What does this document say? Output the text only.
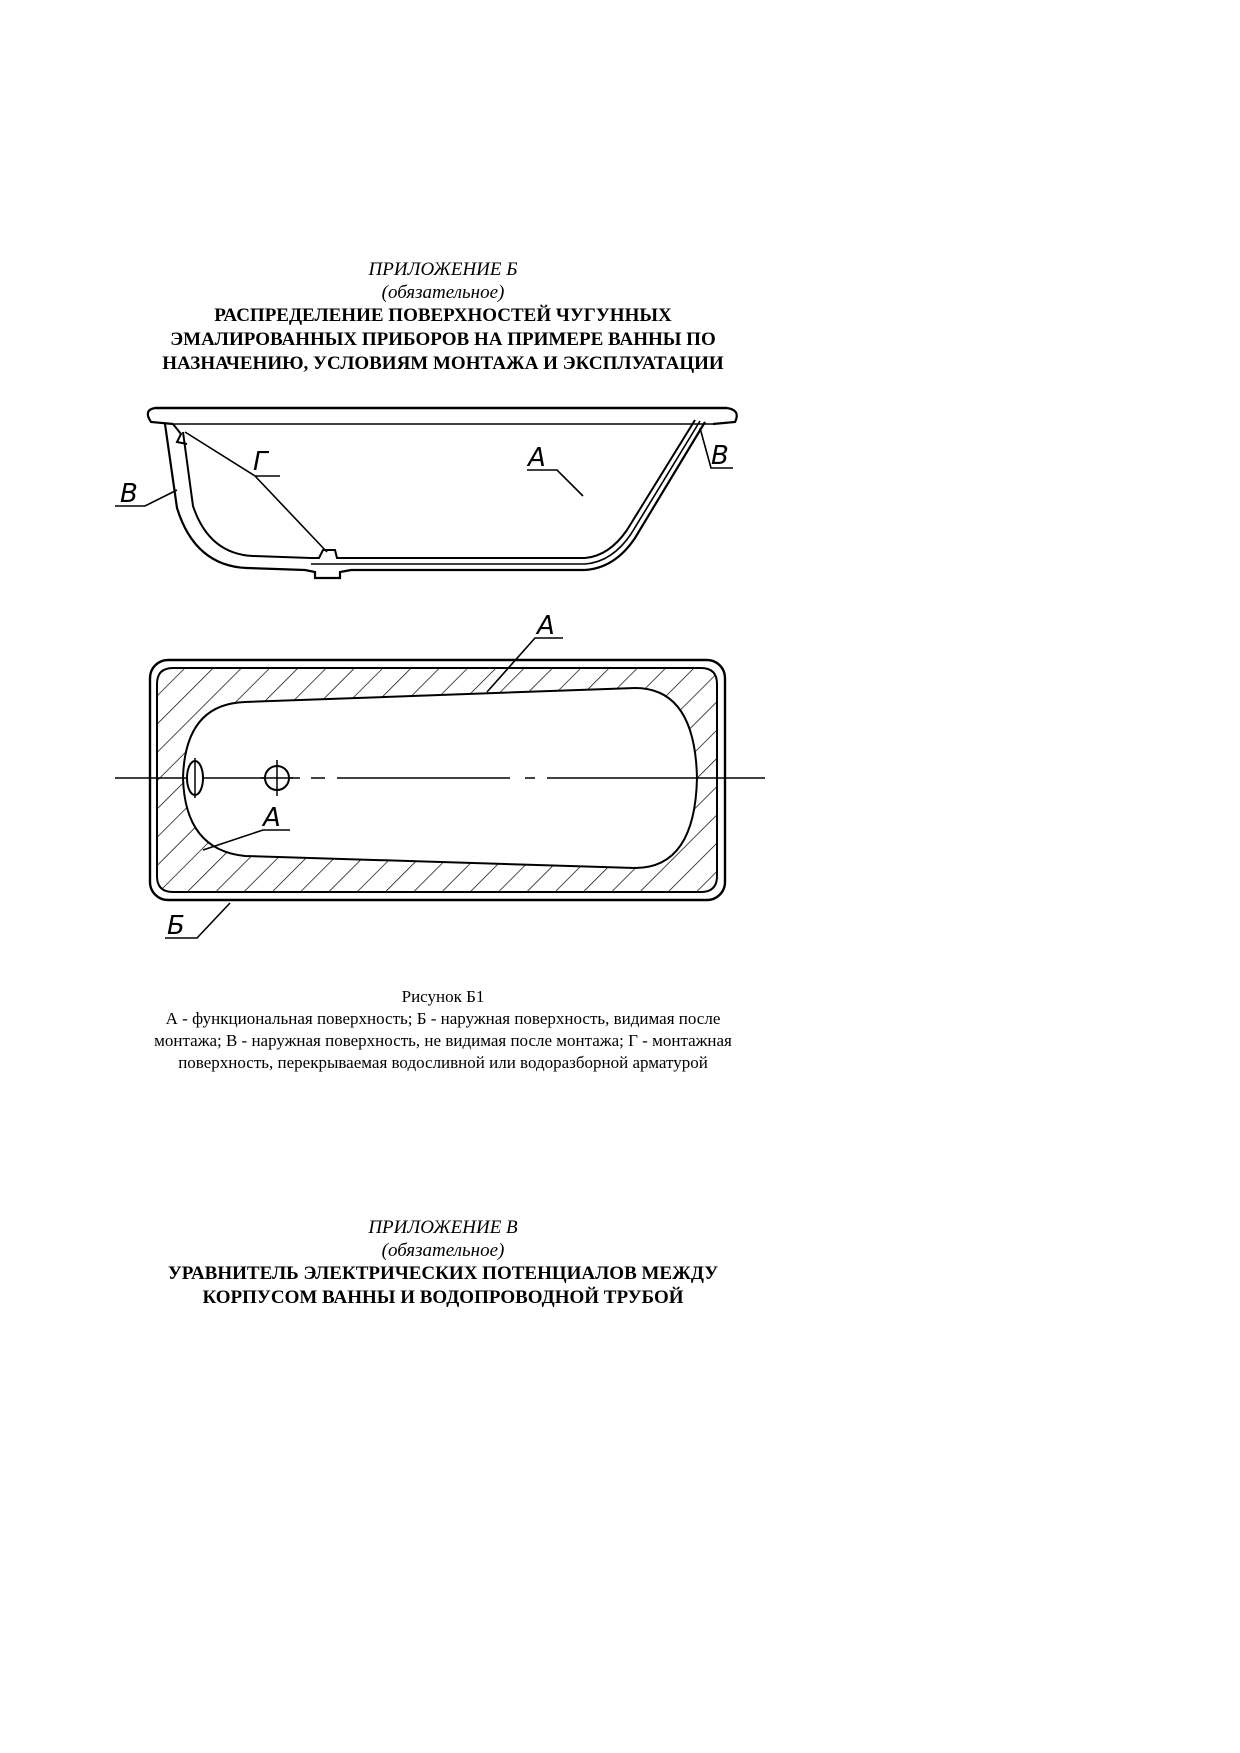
ПРИЛОЖЕНИЕ Б
(обязательное)
РАСПРЕДЕЛЕНИЕ ПОВЕРХНОСТЕЙ ЧУГУННЫХ
ЭМАЛИРОВАННЫХ ПРИБОРОВ НА ПРИМЕРЕ ВАННЫ ПО
НАЗНАЧЕНИЮ, УСЛОВИЯМ МОНТАЖА И ЭКСПЛУАТАЦИИ
Г	А
В
В
А
А
Б
Рисунок Б1
А - функциональная поверхность; Б - наружная поверхность, видимая после
монтажа; В - наружная поверхность, не видимая после монтажа; Г - монтажная
поверхность, перекрываемая водосливной или водоразборной арматурой
ПРИЛОЖЕНИЕ В
(обязательное)
УРАВНИТЕЛЬ ЭЛЕКТРИЧЕСКИХ ПОТЕНЦИАЛОВ МЕЖДУ
КОРПУСОМ ВАННЫ И ВОДОПРОВОДНОЙ ТРУБОЙ
